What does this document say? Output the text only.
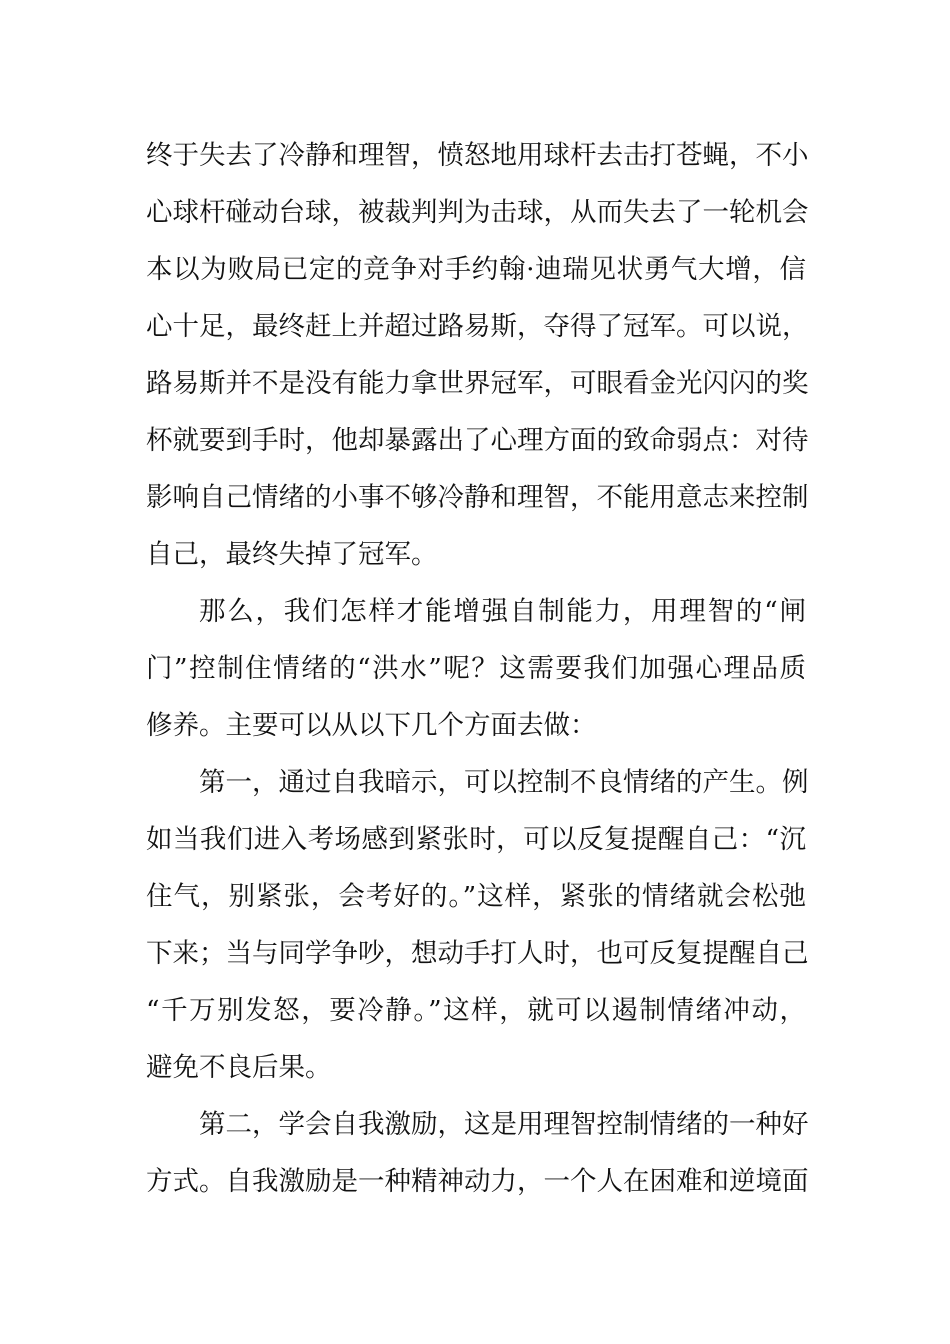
终于失去了冷静和理智，愤怒地用球杆去击打苍蝇，不小
心球杆碰动台球，被裁判判为击球，从而失去了一轮机会
本以为败局已定的竞争对手约翰·迪瑞见状勇气大增，信
心十足，最终赶上并超过路易斯，夺得了冠军。可以说，
路易斯并不是没有能力拿世界冠军，可眼看金光闪闪的奖
杯就要到手时，他却暴露出了心理方面的致命弱点：对待
影响自己情绪的小事不够冷静和理智，不能用意志来控制
自己，最终失掉了冠军。
那么，我们怎样才能增强自制能力，用理智的“闸
门”控制住情绪的“洪水”呢？这需要我们加强心理品质
修养。主要可以从以下几个方面去做：
第一，通过自我暗示，可以控制不良情绪的产生。例
如当我们进入考场感到紧张时，可以反复提醒自己：“沉
住气，别紧张，会考好的。”这样，紧张的情绪就会松弛
下来；当与同学争吵，想动手打人时，也可反复提醒自己
“千万别发怒，要冷静。”这样，就可以遏制情绪冲动，
避免不良后果。
第二，学会自我激励，这是用理智控制情绪的一种好
方式。自我激励是一种精神动力，一个人在困难和逆境面
